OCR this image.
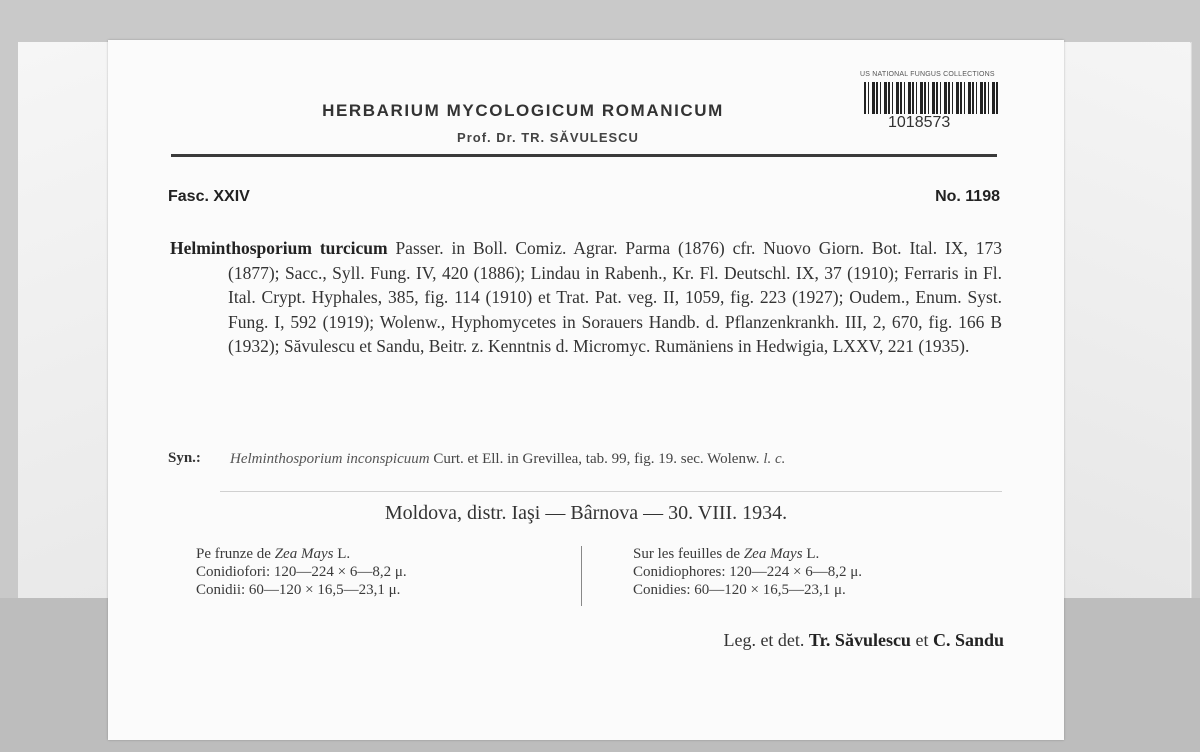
HERBARIUM MYCOLOGICUM ROMANICUM
Prof. Dr. TR. SĂVULESCU
US NATIONAL FUNGUS COLLECTIONS
1018573
Fasc. XXIV	No. 1198
Helminthosporium turcicum Passer. in Boll. Comiz. Agrar. Parma (1876) cfr. Nuovo Giorn. Bot. Ital. IX, 173 (1877); Sacc., Syll. Fung. IV, 420 (1886); Lindau in Rabenh., Kr. Fl. Deutschl. IX, 37 (1910); Ferraris in Fl. Ital. Crypt. Hyphales, 385, fig. 114 (1910) et Trat. Pat. veg. II, 1059, fig. 223 (1927); Oudem., Enum. Syst. Fung. I, 592 (1919); Wolenw., Hyphomycetes in Sorauers Handb. d. Pflanzenkrankh. III, 2, 670, fig. 166 B (1932); Săvulescu et Sandu, Beitr. z. Kenntnis d. Micromyc. Rumäniens in Hedwigia, LXXV, 221 (1935).
Syn.: Helminthosporium inconspicuum Curt. et Ell. in Grevillea, tab. 99, fig. 19. sec. Wolenw. l. c.
Moldova, distr. Iaşi — Bârnova — 30. VIII. 1934.
Pe frunze de Zea Mays L.
Conidiofori: 120—224 × 6—8,2 μ.
Conidii: 60—120 × 16,5—23,1 μ.
Sur les feuilles de Zea Mays L.
Conidiophores: 120—224 × 6—8,2 μ.
Conidies: 60—120 × 16,5—23,1 μ.
Leg. et det. Tr. Săvulescu et C. Sandu
